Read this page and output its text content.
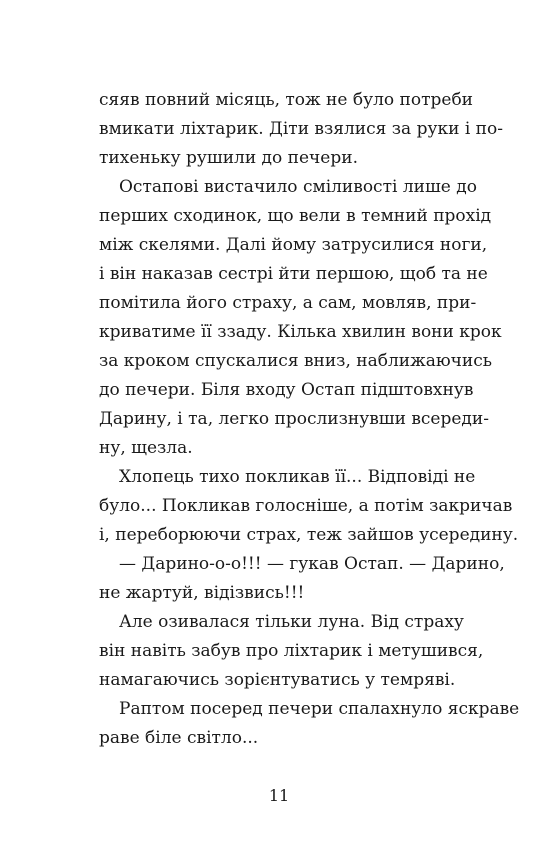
сяяв повний місяць, тож не було потреби
вмикати ліхтарик. Діти взялися за руки і по-
тихеньку рушили до печери.
Остапові вистачило сміливості лише до
перших сходинок, що вели в темний прохід
між скелями. Далі йому затрусилися ноги,
і він наказав сестрі йти першою, щоб та не
помітила його страху, а сам, мовляв, при-
криватиме її ззаду. Кілька хвилин вони крок
за кроком спускалися вниз, наближаючись
до печери. Біля входу Остап підштовхнув
Дарину, і та, легко прослизнувши всереди-
ну, щезла.
Хлопець тихо покликав її... Відповіді не
було... Покликав голосніше, а потім закричав
і, переборюючи страх, теж зайшов усередину.
— Дарино-о-о!!! — гукав Остап. — Дарино,
не жартуй, відізвись!!!
Але озивалася тільки луна. Від страху
він навіть забув про ліхтарик і метушився,
намагаючись зорієнтуватись у темряві.
Раптом посеред печери спалахнуло яскраве
раве біле світло...
11
